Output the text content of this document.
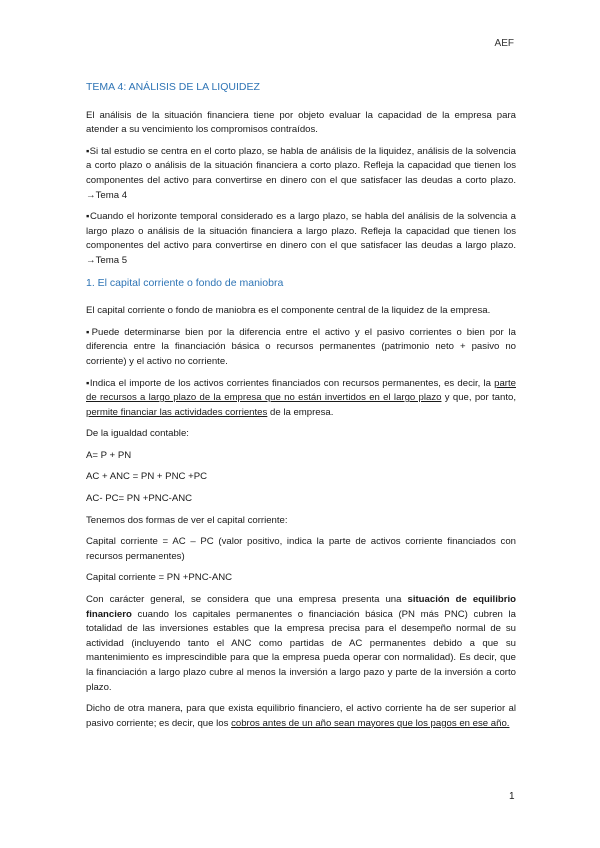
AEF
TEMA 4: ANÁLISIS DE LA LIQUIDEZ

El análisis de la situación financiera tiene por objeto evaluar la capacidad de la empresa para atender a su vencimiento los compromisos contraídos.

▪Si tal estudio se centra en el corto plazo, se habla de análisis de la liquidez, análisis de la solvencia a corto plazo o análisis de la situación financiera a corto plazo. Refleja la capacidad que tienen los componentes del activo para convertirse en dinero con el que satisfacer las deudas a corto plazo. →Tema 4

▪Cuando el horizonte temporal considerado es a largo plazo, se habla del análisis de la solvencia a largo plazo o análisis de la situación financiera a largo plazo. Refleja la capacidad que tienen los componentes del activo para convertirse en dinero con el que satisfacer las deudas a largo plazo. →Tema 5

1. El capital corriente o fondo de maniobra

El capital corriente o fondo de maniobra es el componente central de la liquidez de la empresa.

▪Puede determinarse bien por la diferencia entre el activo y el pasivo corrientes o bien por la diferencia entre la financiación básica o recursos permanentes (patrimonio neto + pasivo no corriente) y el activo no corriente.

▪Indica el importe de los activos corrientes financiados con recursos permanentes, es decir, la parte de recursos a largo plazo de la empresa que no están invertidos en el largo plazo y que, por tanto, permite financiar las actividades corrientes de la empresa.

De la igualdad contable:

A= P + PN

AC + ANC = PN + PNC +PC

AC- PC= PN +PNC-ANC

Tenemos dos formas de ver el capital corriente:

Capital corriente = AC – PC (valor positivo, indica la parte de activos corriente financiados con recursos permanentes)

Capital corriente = PN +PNC-ANC

Con carácter general, se considera que una empresa presenta una situación de equilibrio financiero cuando los capitales permanentes o financiación básica (PN más PNC) cubren la totalidad de las inversiones estables que la empresa precisa para el desempeño normal de su actividad (incluyendo tanto el ANC como partidas de AC permanentes debido a que su mantenimiento es imprescindible para que la empresa pueda operar con normalidad). Es decir, que la financiación a largo plazo cubre al menos la inversión a largo pazo y parte de la inversión a corto plazo.

Dicho de otra manera, para que exista equilibrio financiero, el activo corriente ha de ser superior al pasivo corriente; es decir, que los cobros antes de un año sean mayores que los pagos en ese año.

1
